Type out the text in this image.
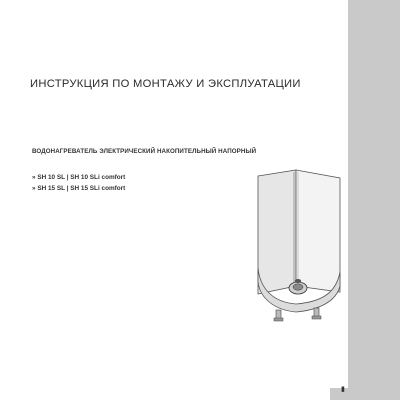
ИНСТРУКЦИЯ ПО МОНТАЖУ И ЭКСПЛУАТАЦИИ
ВОДОНАГРЕВАТЕЛЬ ЭЛЕКТРИЧЕСКИЙ НАКОПИТЕЛЬНЫЙ НАПОРНЫЙ
» SH 10 SL | SH 10 SLi comfort
» SH 15 SL | SH 15 SLi comfort
▮
